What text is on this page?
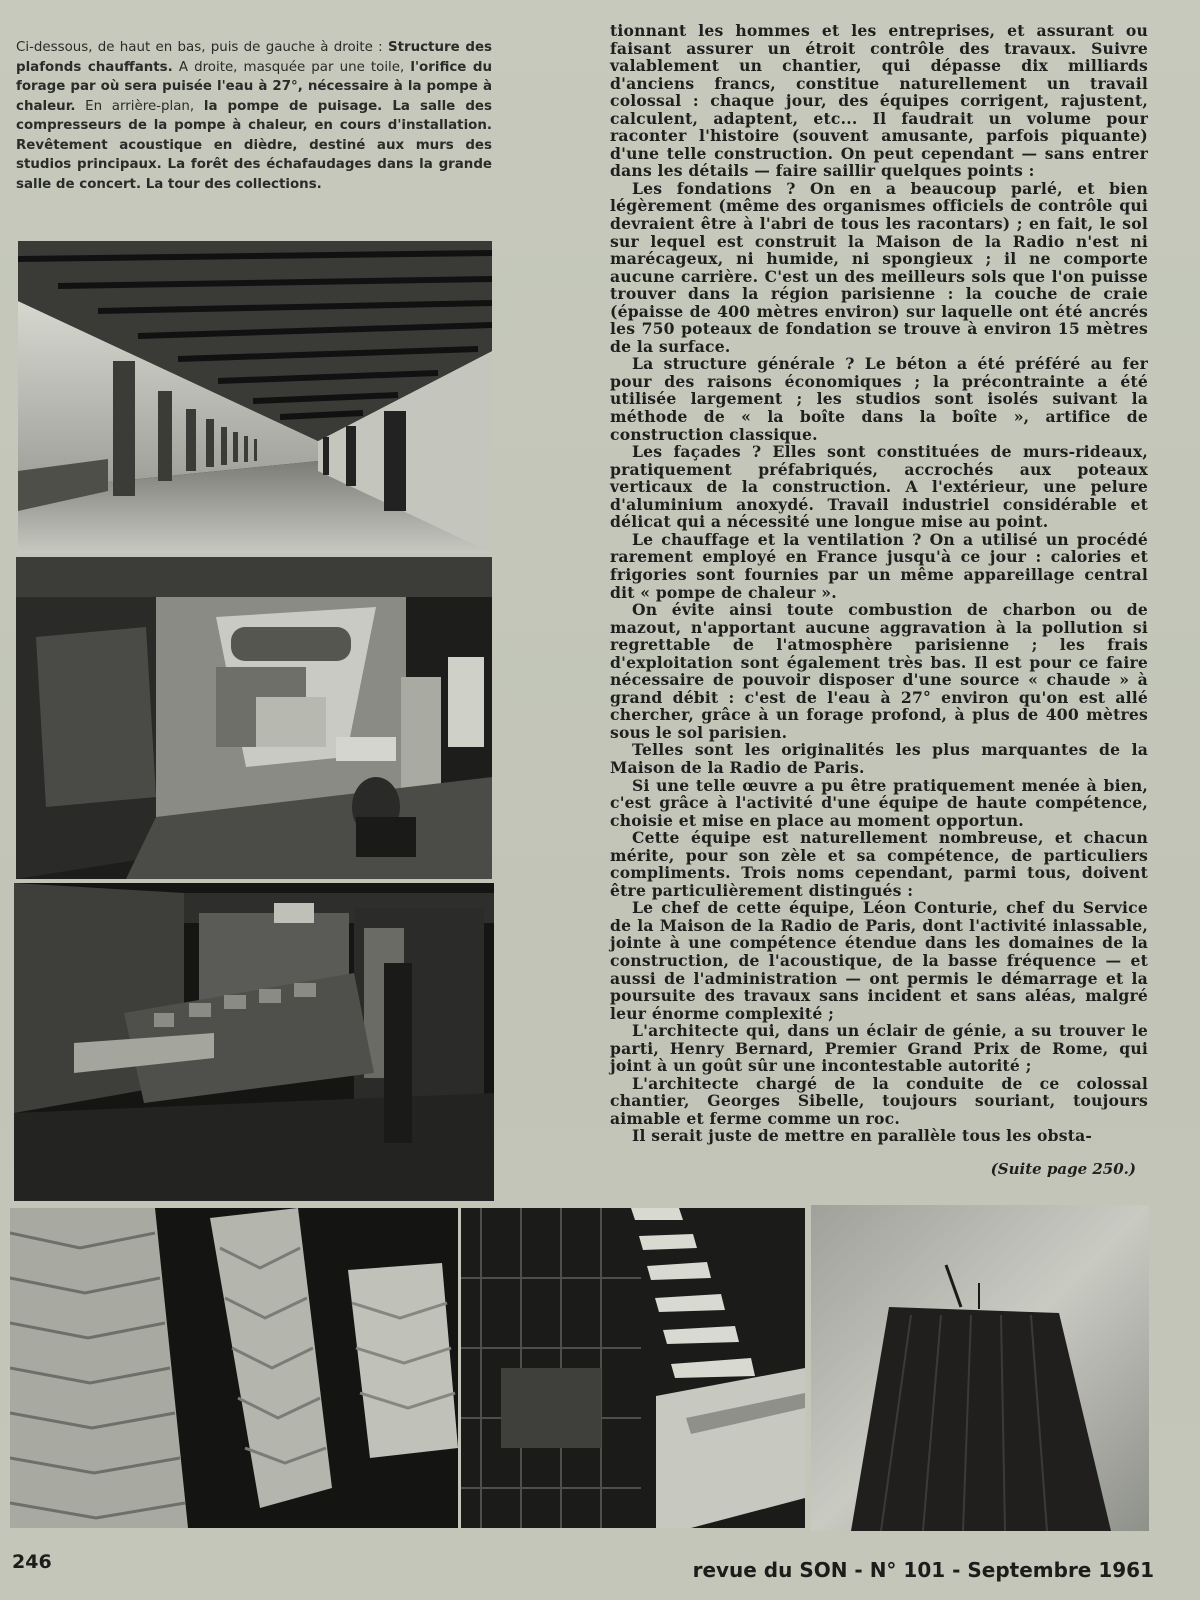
Ci-dessous, de haut en bas, puis de gauche à droite : Structure des plafonds chauffants. A droite, masquée par une toile, l'orifice du forage par où sera puisée l'eau à 27°, nécessaire à la pompe à chaleur. En arrière-plan, la pompe de puisage. La salle des compresseurs de la pompe à chaleur, en cours d'installation. Revêtement acoustique en dièdre, destiné aux murs des studios principaux. La forêt des échafaudages dans la grande salle de concert. La tour des collections.

tionnant les hommes et les entreprises, et assurant ou faisant assurer un étroit contrôle des travaux. Suivre valablement un chantier, qui dépasse dix milliards d'anciens francs, constitue naturellement un travail colossal : chaque jour, des équipes corrigent, rajustent, calculent, adaptent, etc... Il faudrait un volume pour raconter l'histoire (souvent amusante, parfois piquante) d'une telle construction. On peut cependant — sans entrer dans les détails — faire saillir quelques points :

Les fondations ? On en a beaucoup parlé, et bien légèrement (même des organismes officiels de contrôle qui devraient être à l'abri de tous les racontars) ; en fait, le sol sur lequel est construit la Maison de la Radio n'est ni marécageux, ni humide, ni spongieux ; il ne comporte aucune carrière. C'est un des meilleurs sols que l'on puisse trouver dans la région parisienne : la couche de craie (épaisse de 400 mètres environ) sur laquelle ont été ancrés les 750 poteaux de fondation se trouve à environ 15 mètres de la surface.

La structure générale ? Le béton a été préféré au fer pour des raisons économiques ; la précontrainte a été utilisée largement ; les studios sont isolés suivant la méthode de « la boîte dans la boîte », artifice de construction classique.

Les façades ? Elles sont constituées de murs-rideaux, pratiquement préfabriqués, accrochés aux poteaux verticaux de la construction. A l'extérieur, une pelure d'aluminium anoxydé. Travail industriel considérable et délicat qui a nécessité une longue mise au point.

Le chauffage et la ventilation ? On a utilisé un procédé rarement employé en France jusqu'à ce jour : calories et frigories sont fournies par un même appareillage central dit « pompe de chaleur ».

On évite ainsi toute combustion de charbon ou de mazout, n'apportant aucune aggravation à la pollution si regrettable de l'atmosphère parisienne ; les frais d'exploitation sont également très bas. Il est pour ce faire nécessaire de pouvoir disposer d'une source « chaude » à grand débit : c'est de l'eau à 27° environ qu'on est allé chercher, grâce à un forage profond, à plus de 400 mètres sous le sol parisien.

Telles sont les originalités les plus marquantes de la Maison de la Radio de Paris.

Si une telle œuvre a pu être pratiquement menée à bien, c'est grâce à l'activité d'une équipe de haute compétence, choisie et mise en place au moment opportun.

Cette équipe est naturellement nombreuse, et chacun mérite, pour son zèle et sa compétence, de particuliers compliments. Trois noms cependant, parmi tous, doivent être particulièrement distingués :

Le chef de cette équipe, Léon Conturie, chef du Service de la Maison de la Radio de Paris, dont l'activité inlassable, jointe à une compétence étendue dans les domaines de la construction, de l'acoustique, de la basse fréquence — et aussi de l'administration — ont permis le démarrage et la poursuite des travaux sans incident et sans aléas, malgré leur énorme complexité ;

L'architecte qui, dans un éclair de génie, a su trouver le parti, Henry Bernard, Premier Grand Prix de Rome, qui joint à un goût sûr une incontestable autorité ;

L'architecte chargé de la conduite de ce colossal chantier, Georges Sibelle, toujours souriant, toujours aimable et ferme comme un roc.

Il serait juste de mettre en parallèle tous les obsta-

(Suite page 250.)
246	revue du SON - N° 101 - Septembre 1961
